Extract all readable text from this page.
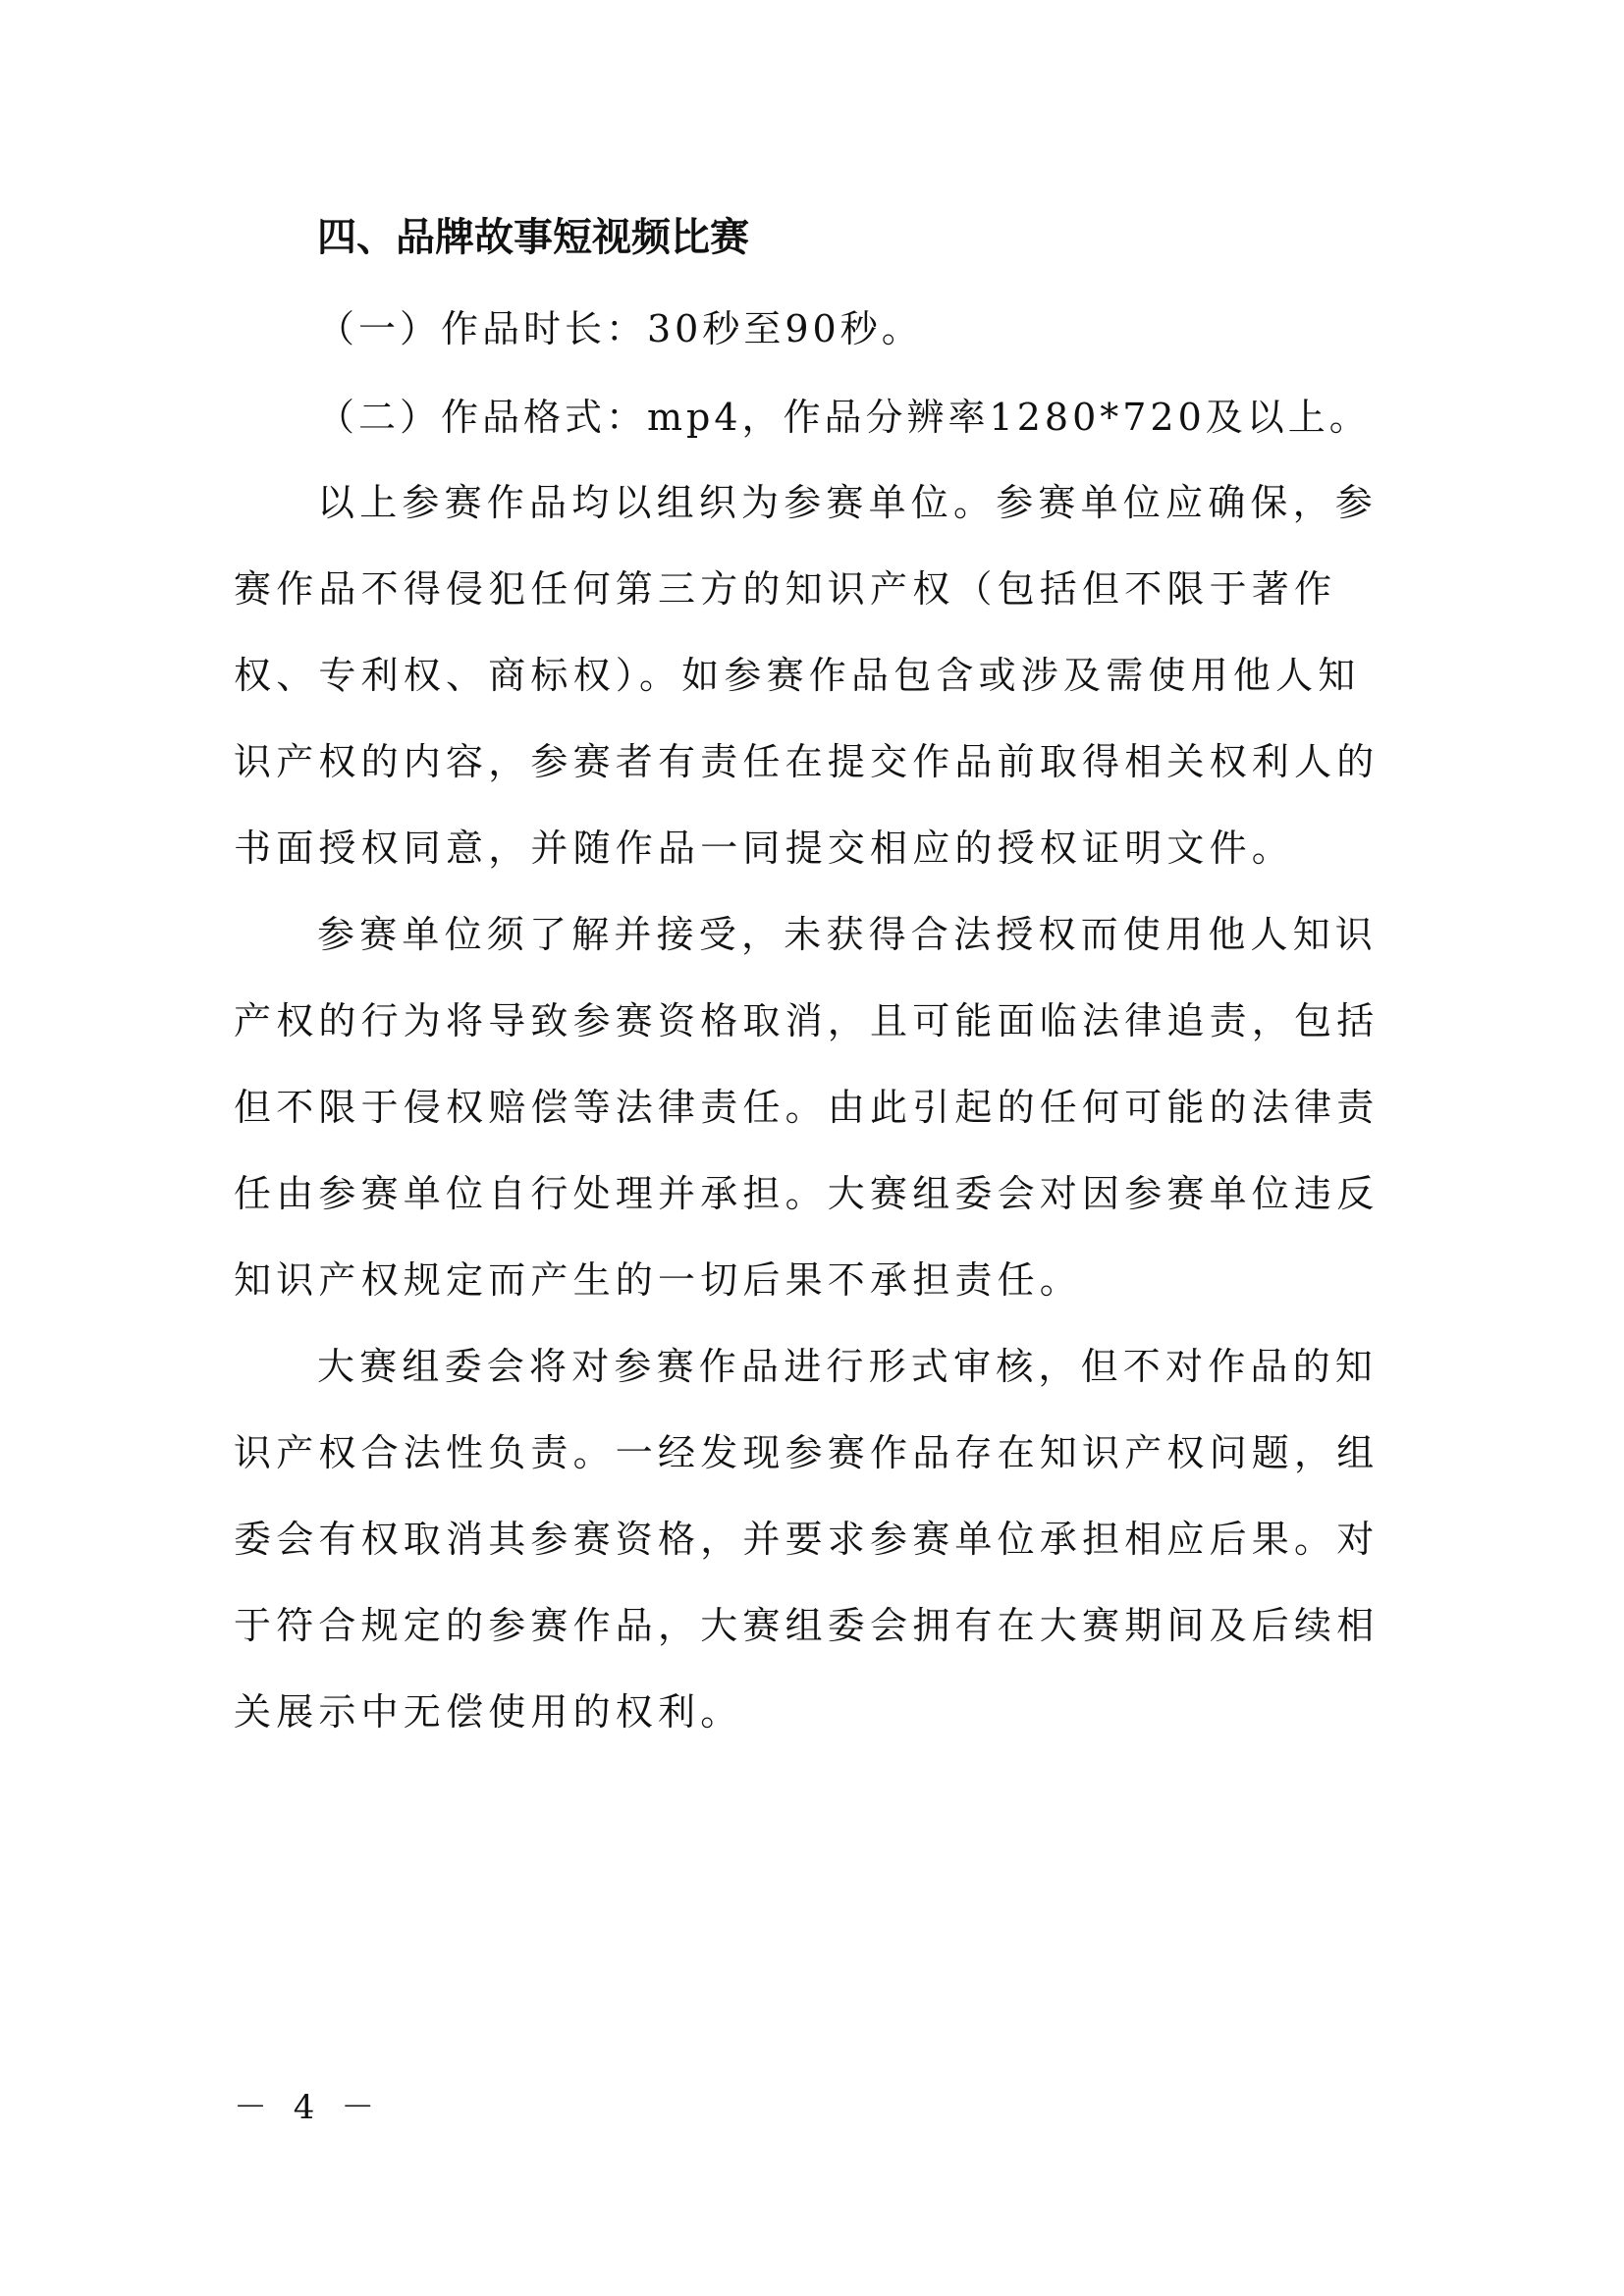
四、品牌故事短视频比赛

（一）作品时长：30秒至90秒。

（二）作品格式：mp4，作品分辨率1280*720及以上。

以上参赛作品均以组织为参赛单位。参赛单位应确保，参
赛作品不得侵犯任何第三方的知识产权（包括但不限于著作
权、专利权、商标权）。如参赛作品包含或涉及需使用他人知
识产权的内容，参赛者有责任在提交作品前取得相关权利人的
书面授权同意，并随作品一同提交相应的授权证明文件。
参赛单位须了解并接受，未获得合法授权而使用他人知识
产权的行为将导致参赛资格取消，且可能面临法律追责，包括
但不限于侵权赔偿等法律责任。由此引起的任何可能的法律责
任由参赛单位自行处理并承担。大赛组委会对因参赛单位违反
知识产权规定而产生的一切后果不承担责任。
大赛组委会将对参赛作品进行形式审核，但不对作品的知
识产权合法性负责。一经发现参赛作品存在知识产权问题，组
委会有权取消其参赛资格，并要求参赛单位承担相应后果。对
于符合规定的参赛作品，大赛组委会拥有在大赛期间及后续相
关展示中无偿使用的权利。

－ 4 －
